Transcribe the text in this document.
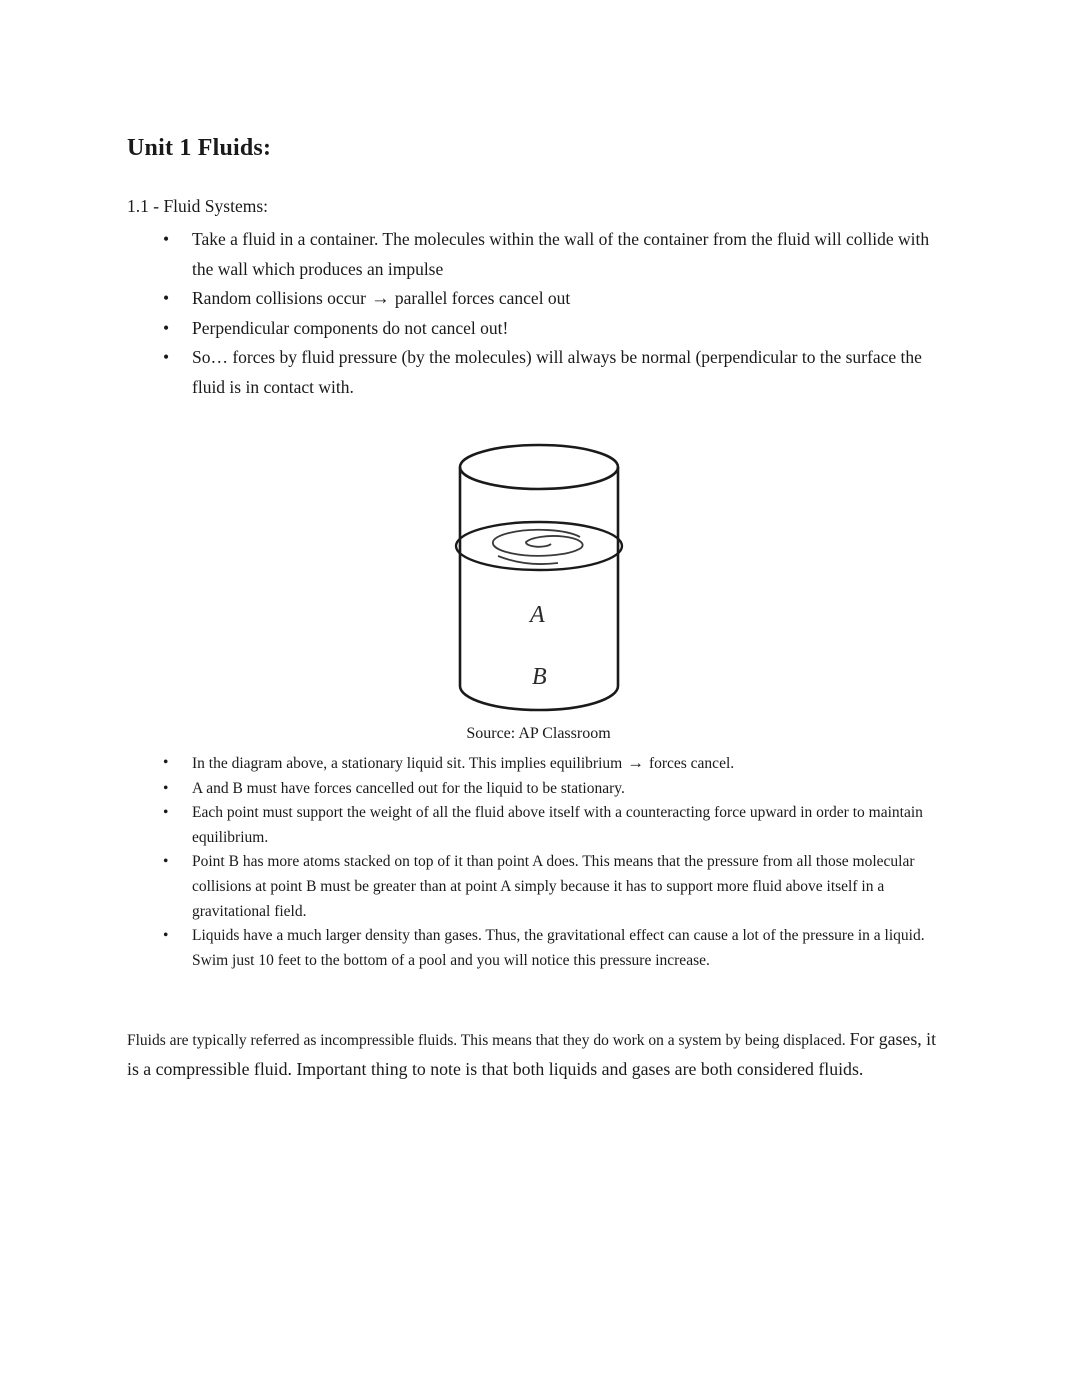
Unit 1 Fluids:

1.1 - Fluid Systems:

• Take a fluid in a container. The molecules within the wall of the container from the fluid will collide with the wall which produces an impulse
• Random collisions occur → parallel forces cancel out
• Perpendicular components do not cancel out!
• So… forces by fluid pressure (by the molecules) will always be normal (perpendicular to the surface the fluid is in contact with.
A
B
Source: AP Classroom
• In the diagram above, a stationary liquid sit. This implies equilibrium → forces cancel.
• A and B must have forces cancelled out for the liquid to be stationary.
• Each point must support the weight of all the fluid above itself with a counteracting force upward in order to maintain equilibrium.
• Point B has more atoms stacked on top of it than point A does. This means that the pressure from all those molecular collisions at point B must be greater than at point A simply because it has to support more fluid above itself in a gravitational field.
• Liquids have a much larger density than gases. Thus, the gravitational effect can cause a lot of the pressure in a liquid. Swim just 10 feet to the bottom of a pool and you will notice this pressure increase.

Fluids are typically referred as incompressible fluids. This means that they do work on a system by being displaced. For gases, it is a compressible fluid. Important thing to note is that both liquids and gases are both considered fluids.
